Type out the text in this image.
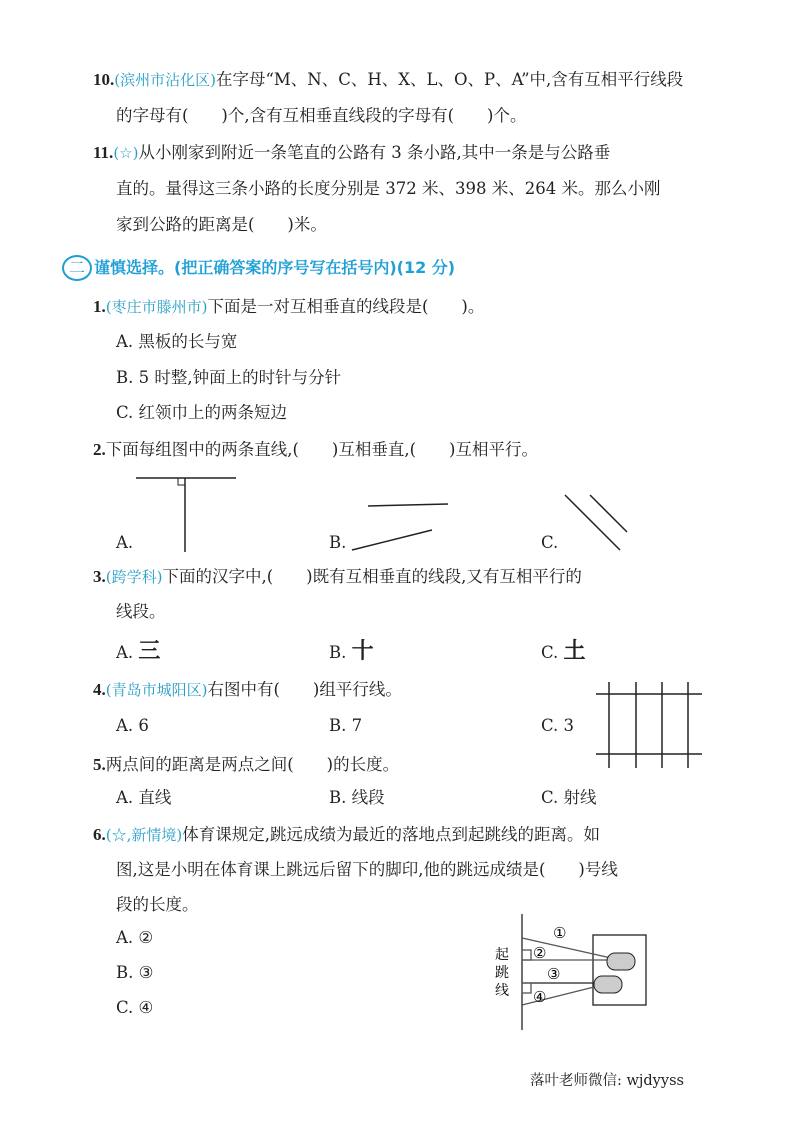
10.(滨州市沾化区)在字母“M、N、C、H、X、L、O、P、A”中,含有互相平行线段
的字母有(　　)个,含有互相垂直线段的字母有(　　)个。
11.(☆)从小刚家到附近一条笔直的公路有 3 条小路,其中一条是与公路垂
直的。量得这三条小路的长度分别是 372 米、398 米、264 米。那么小刚
家到公路的距离是(　　)米。
二 谨慎选择。(把正确答案的序号写在括号内)(12 分)
1.(枣庄市滕州市)下面是一对互相垂直的线段是(　　)。
A. 黑板的长与宽
B. 5 时整,钟面上的时针与分针
C. 红领巾上的两条短边
2.下面每组图中的两条直线,(　　)互相垂直,(　　)互相平行。
A.	B.	C.
3.(跨学科)下面的汉字中,(　　)既有互相垂直的线段,又有互相平行的
线段。
A. 三	B. 十	C. 土
4.(青岛市城阳区)右图中有(　　)组平行线。
A. 6	B. 7	C. 3
5.两点间的距离是两点之间(　　)的长度。
A. 直线	B. 线段	C. 射线
6.(☆,新情境)体育课规定,跳远成绩为最近的落地点到起跳线的距离。如
图,这是小明在体育课上跳远后留下的脚印,他的跳远成绩是(　　)号线
段的长度。
A. ②
B. ③
C. ④
起
跳
线
①
②
③
④
落叶老师微信: wjdyyss
